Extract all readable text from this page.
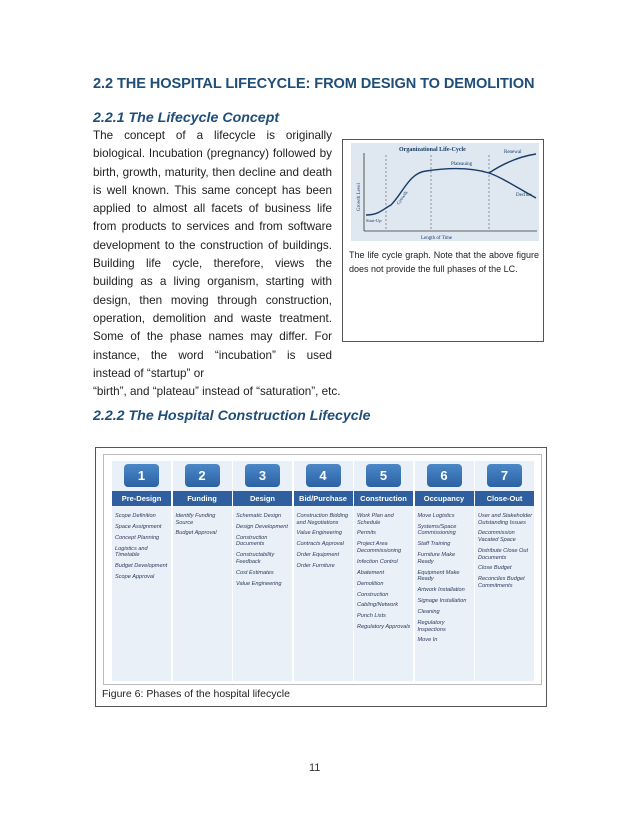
2.2 THE HOSPITAL LIFECYCLE: FROM DESIGN TO DEMOLITION
2.2.1 The Lifecycle Concept
The concept of a lifecycle is originally biological. Incubation (pregnancy) followed by birth, growth, maturity, then decline and death is well known. This same concept has been applied to almost all facets of business life from products to services and from software development to the construction of buildings. Building life cycle, therefore, views the building as a living organism, starting with design, then moving through construction, operation, demolition and waste treatment. Some of the phase names may differ. For instance, the word “incubation” is used instead of “startup” or
“birth”, and “plateau” instead of “saturation”, etc.
Organizational Life-Cycle	Renewal
Plateauing
Decline
Start-Up
Growth
Length of Time
Growth Level
The life cycle graph. Note that the above figure does not provide the full phases of the LC.
2.2.2 The Hospital Construction Lifecycle
1
Pre-Design
Scope Definition
Space Assignment
Concept Planning
Logistics and Timetable
Budget Development
Scope Approval
2
Funding
Identify Funding Source
Budget Approval
3
Design
Schematic Design
Design Development
Construction Documents
Constructability Feedback
Cost Estimates
Value Engineering
4
Bid/Purchase
Construction Bidding and Negotiations
Value Engineering
Contracts Approval
Order Equipment
Order Furniture
5
Construction
Work Plan and Schedule
Permits
Project Area Decommissioning
Infection Control
Abatement
Demolition
Construction
Cabling/Network
Punch Lists
Regulatory Approvals
6
Occupancy
Move Logistics
Systems/Space Commissioning
Staff Training
Furniture Make Ready
Equipment Make Ready
Artwork Installation
Signage Installation
Cleaning
Regulatory Inspections
Move In
7
Close-Out
User and Stakeholder Outstanding Issues
Decommission Vacated Space
Distribute Close Out Documents
Close Budget
Reconciles Budget Commitments
Figure 6: Phases of the hospital lifecycle
11
